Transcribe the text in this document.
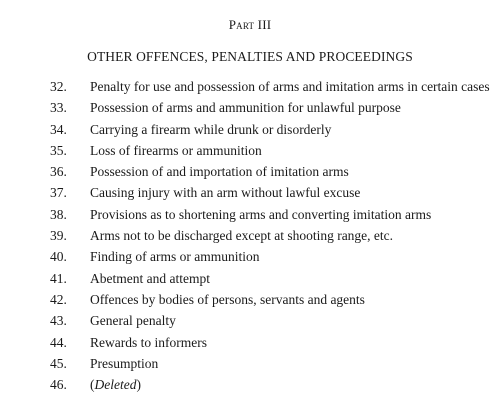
Part III
OTHER OFFENCES, PENALTIES AND PROCEEDINGS
32.	Penalty for use and possession of arms and imitation arms in certain cases
33.	Possession of arms and ammunition for unlawful purpose
34.	Carrying a firearm while drunk or disorderly
35.	Loss of firearms or ammunition
36.	Possession of and importation of imitation arms
37.	Causing injury with an arm without lawful excuse
38.	Provisions as to shortening arms and converting imitation arms
39.	Arms not to be discharged except at shooting range, etc.
40.	Finding of arms or ammunition
41.	Abetment and attempt
42.	Offences by bodies of persons, servants and agents
43.	General penalty
44.	Rewards to informers
45.	Presumption
46.	(Deleted)
